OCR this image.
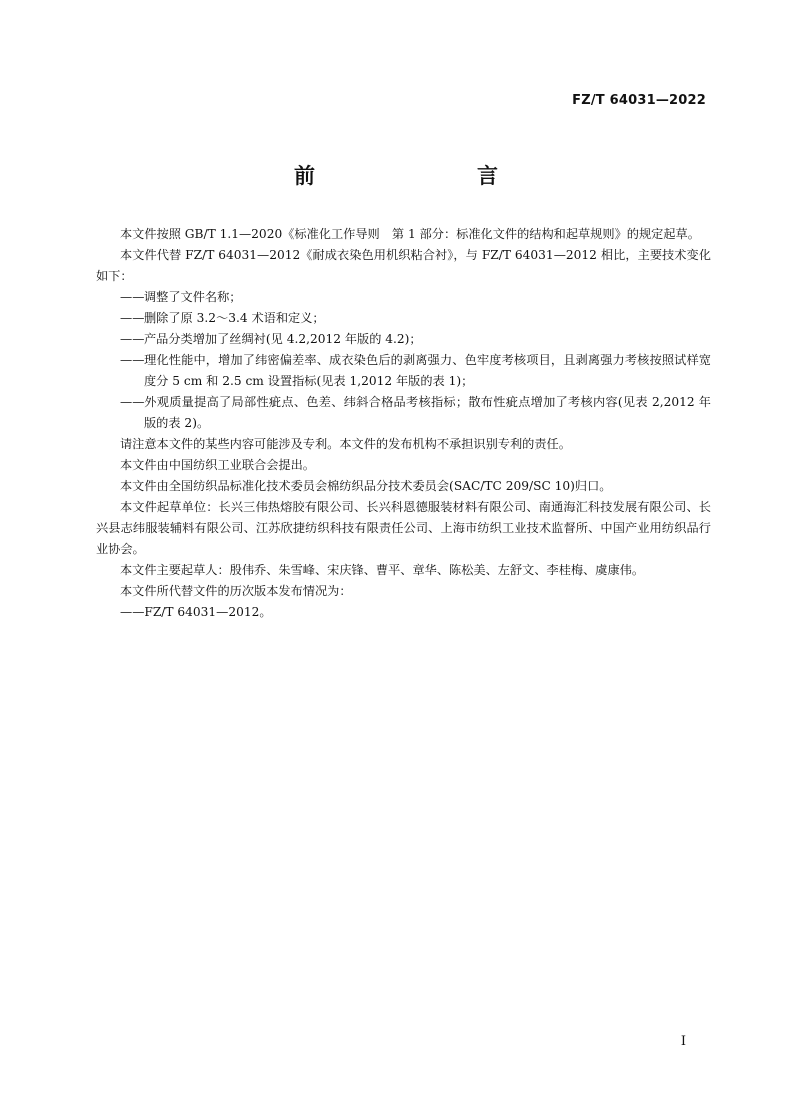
FZ/T 64031—2022
前　　言

本文件按照 GB/T 1.1—2020《标准化工作导则　第 1 部分：标准化文件的结构和起草规则》的规定起草。

本文件代替 FZ/T 64031—2012《耐成衣染色用机织粘合衬》，与 FZ/T 64031—2012 相比，主要技术变化如下：

——调整了文件名称；

——删除了原 3.2～3.4 术语和定义；

——产品分类增加了丝绸衬(见 4.2,2012 年版的 4.2)；

——理化性能中，增加了纬密偏差率、成衣染色后的剥离强力、色牢度考核项目，且剥离强力考核按照试样宽度分 5 cm 和 2.5 cm 设置指标(见表 1,2012 年版的表 1)；

——外观质量提高了局部性疵点、色差、纬斜合格品考核指标；散布性疵点增加了考核内容(见表 2,2012 年版的表 2)。

请注意本文件的某些内容可能涉及专利。本文件的发布机构不承担识别专利的责任。

本文件由中国纺织工业联合会提出。

本文件由全国纺织品标准化技术委员会棉纺织品分技术委员会(SAC/TC 209/SC 10)归口。

本文件起草单位：长兴三伟热熔胶有限公司、长兴科恩德服装材料有限公司、南通海汇科技发展有限公司、长兴县志纬服装辅料有限公司、江苏欣捷纺织科技有限责任公司、上海市纺织工业技术监督所、中国产业用纺织品行业协会。

本文件主要起草人：殷伟乔、朱雪峰、宋庆锋、曹平、章华、陈松美、左舒文、李桂梅、虞康伟。

本文件所代替文件的历次版本发布情况为：

——FZ/T 64031—2012。

I
